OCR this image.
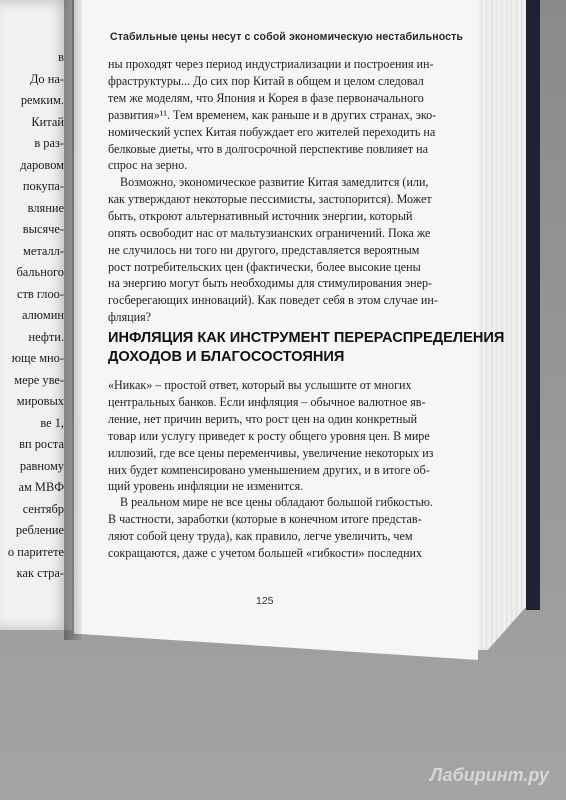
в
До на-
ремким.
Китай
в раз-
даровом
покупа-
вляние
высяче-
металл-
бального
ств глоо-
алюмин
нефти.
юще мно-
мере уве-
мировых
ве 1,
вп роста
равному
ам МВФ
сентябр
ребление
о паритете
как стра-
Стабильные цены несут с собой экономическую нестабильность
ны проходят через период индустриализации и построения ин-
фраструктуры... До сих пор Китай в общем и целом следовал
тем же моделям, что Япония и Корея в фазе первоначального
развития»¹¹. Тем временем, как раньше и в других странах, эко-
номический успех Китая побуждает его жителей переходить на
белковые диеты, что в долгосрочной перспективе повлияет на
спрос на зерно.
Возможно, экономическое развитие Китая замедлится (или,
как утверждают некоторые пессимисты, застопорится). Может
быть, откроют альтернативный источник энергии, который
опять освободит нас от мальтузианских ограничений. Пока же
не случилось ни того ни другого, представляется вероятным
рост потребительских цен (фактически, более высокие цены
на энергию могут быть необходимы для стимулирования энер-
госберегающих инноваций). Как поведет себя в этом случае ин-
фляция?
ИНФЛЯЦИЯ КАК ИНСТРУМЕНТ ПЕРЕРАСПРЕДЕЛЕНИЯ
ДОХОДОВ И БЛАГОСОСТОЯНИЯ
«Никак» – простой ответ, который вы услышите от многих
центральных банков. Если инфляция – обычное валютное яв-
ление, нет причин верить, что рост цен на один конкретный
товар или услугу приведет к росту общего уровня цен. В мире
иллюзий, где все цены переменчивы, увеличение некоторых из
них будет компенсировано уменьшением других, и в итоге об-
щий уровень инфляции не изменится.
В реальном мире не все цены обладают большой гибкостью.
В частности, заработки (которые в конечном итоге представ-
ляют собой цену труда), как правило, легче увеличить, чем
сокращаются, даже с учетом большей «гибкости» последних
125
Лабиринт.ру
